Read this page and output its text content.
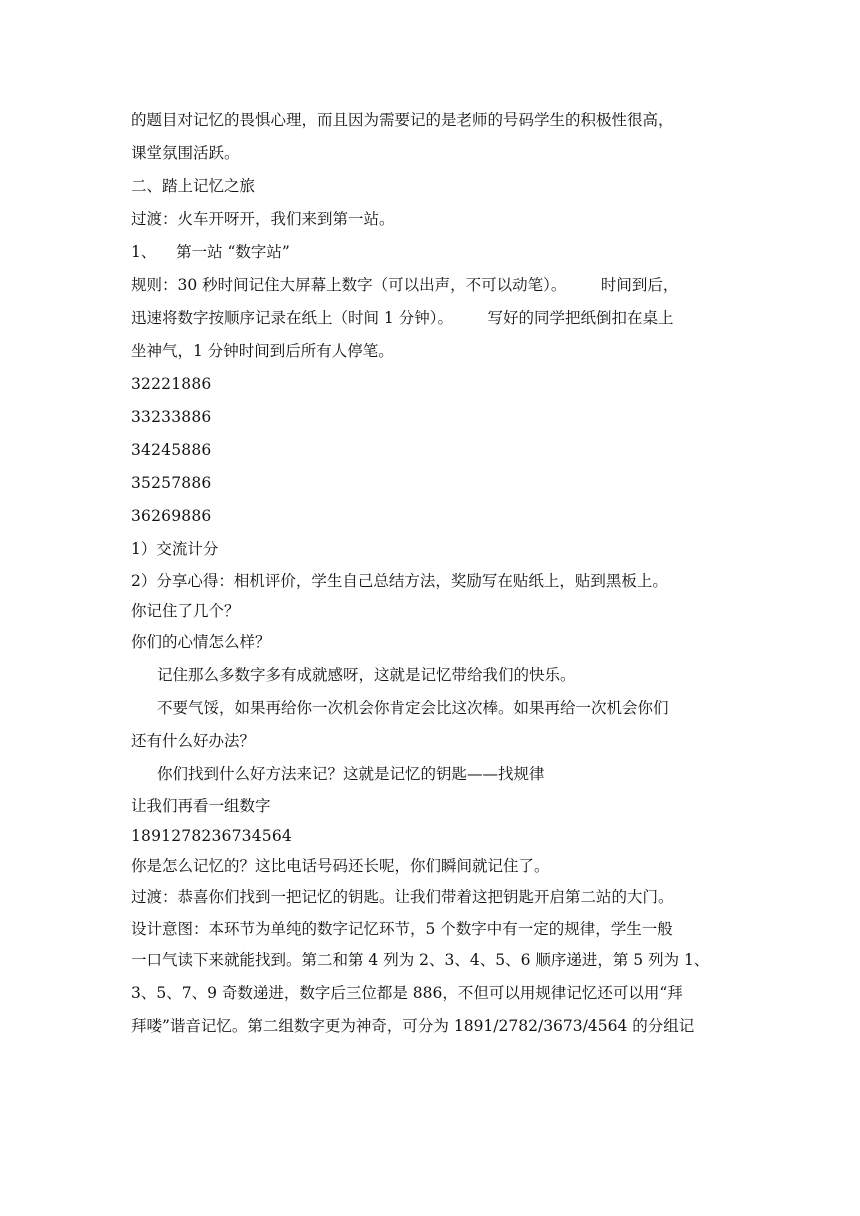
的题目对记忆的畏惧心理，而且因为需要记的是老师的号码学生的积极性很高，

课堂氛围活跃。

二、踏上记忆之旅

过渡：火车开呀开，我们来到第一站。

1、    第一站 “数字站”

规则：30 秒时间记住大屏幕上数字（可以出声，不可以动笔）。       时间到后，

迅速将数字按顺序记录在纸上（时间 1 分钟）。       写好的同学把纸倒扣在桌上

坐神气，1 分钟时间到后所有人停笔。

32221886

33233886

34245886

35257886

36269886

1）交流计分

2）分享心得：相机评价，学生自己总结方法，奖励写在贴纸上，贴到黑板上。

你记住了几个？

你们的心情怎么样？

记住那么多数字多有成就感呀，这就是记忆带给我们的快乐。

不要气馁，如果再给你一次机会你肯定会比这次棒。如果再给一次机会你们

还有什么好办法？

你们找到什么好方法来记？这就是记忆的钥匙——找规律

让我们再看一组数字

1891278236734564

你是怎么记忆的？这比电话号码还长呢，你们瞬间就记住了。

过渡：恭喜你们找到一把记忆的钥匙。让我们带着这把钥匙开启第二站的大门。

设计意图：本环节为单纯的数字记忆环节，5 个数字中有一定的规律，学生一般

一口气读下来就能找到。第二和第 4 列为 2、3、4、5、6 顺序递进，第 5 列为 1、

3、5、7、9 奇数递进，数字后三位都是 886，不但可以用规律记忆还可以用“拜

拜喽”谐音记忆。第二组数字更为神奇，可分为 1891/2782/3673/4564 的分组记
